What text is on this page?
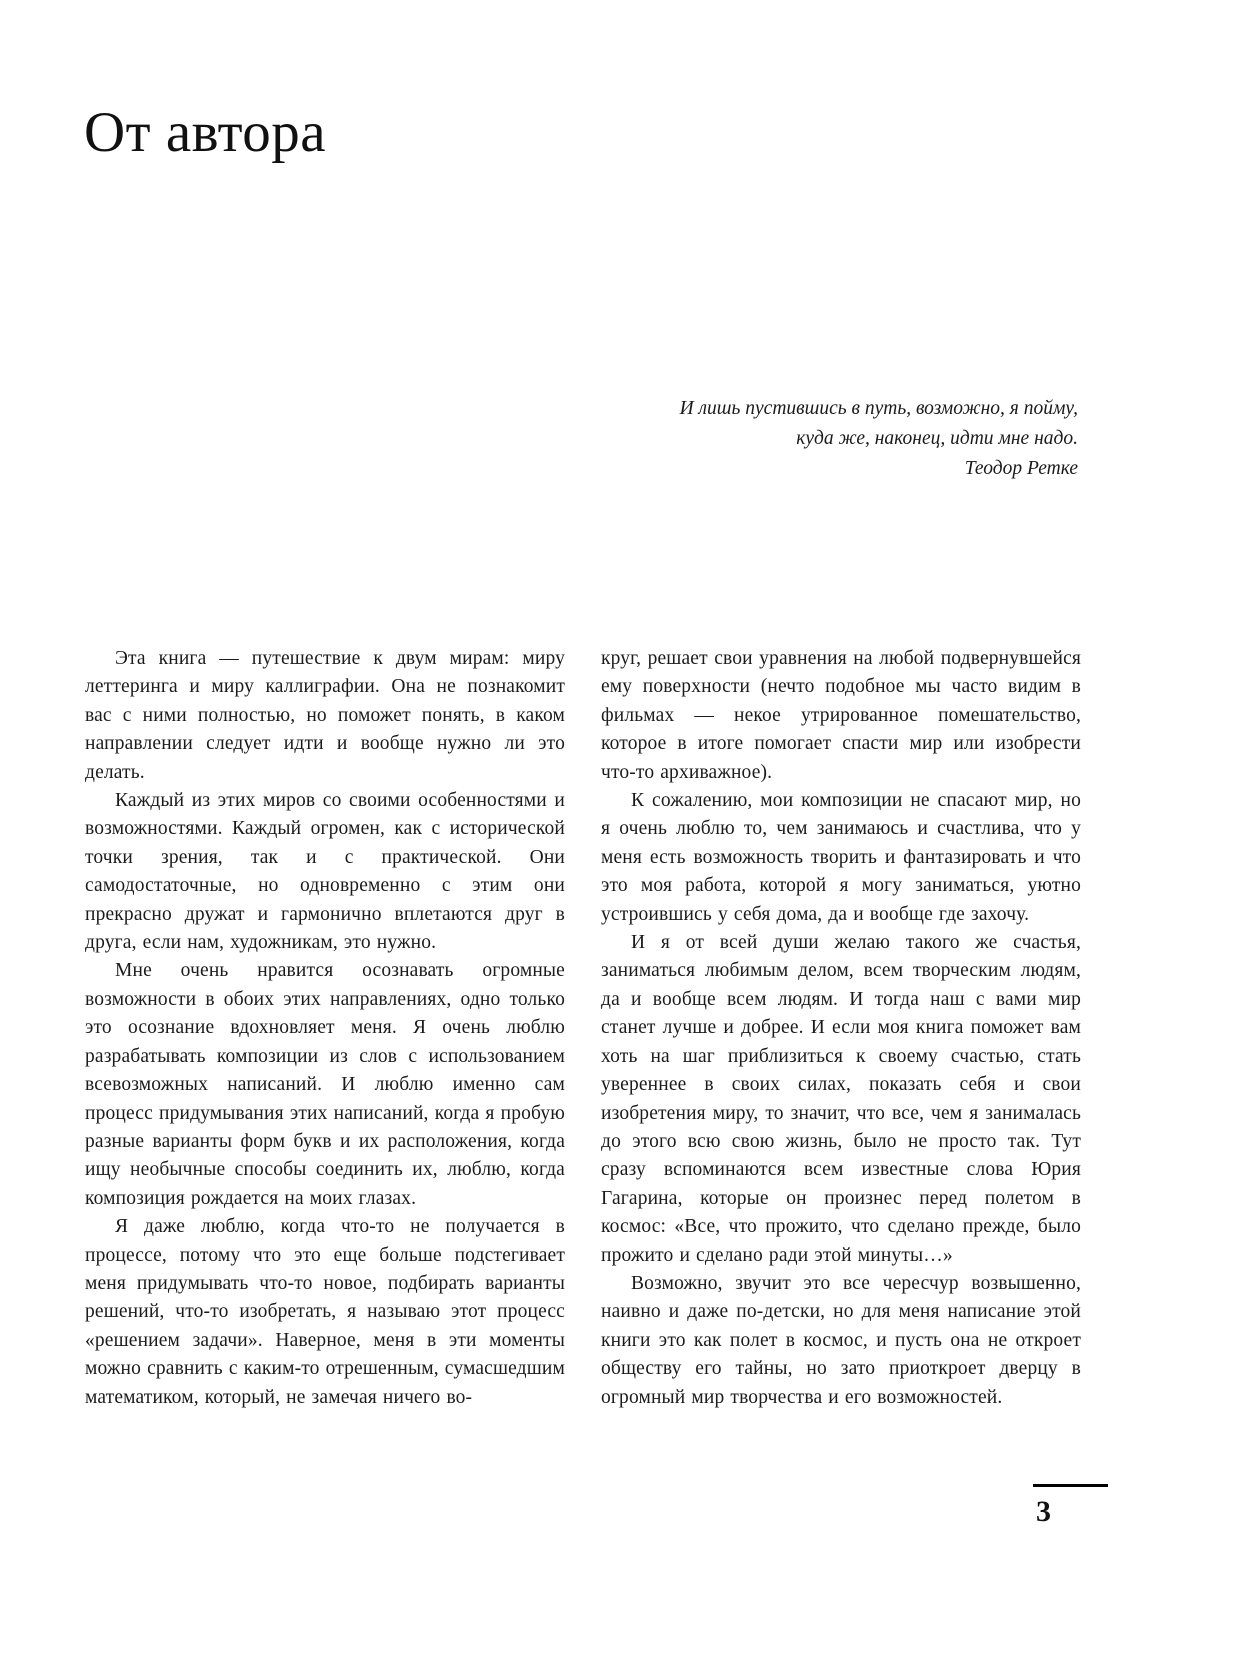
От автора
И лишь пустившись в путь, возможно, я пойму,
куда же, наконец, идти мне надо.
Теодор Ретке

Эта книга — путешествие к двум мирам: миру леттеринга и миру каллиграфии. Она не познакомит вас с ними полностью, но поможет понять, в каком направлении следует идти и вообще нужно ли это делать.

Каждый из этих миров со своими особенностями и возможностями. Каждый огромен, как с исторической точки зрения, так и с практической. Они самодостаточные, но одновременно с этим они прекрасно дружат и гармонично вплетаются друг в друга, если нам, художникам, это нужно.

Мне очень нравится осознавать огромные возможности в обоих этих направлениях, одно только это осознание вдохновляет меня. Я очень люблю разрабатывать композиции из слов с использованием всевозможных написаний. И люблю именно сам процесс придумывания этих написаний, когда я пробую разные варианты форм букв и их расположения, когда ищу необычные способы соединить их, люблю, когда композиция рождается на моих глазах.

Я даже люблю, когда что-то не получается в процессе, потому что это еще больше подстегивает меня придумывать что-то новое, подбирать варианты решений, что-то изобретать, я называю этот процесс «решением задачи». Наверное, меня в эти моменты можно сравнить с каким-то отрешенным, сумасшедшим математиком, который, не замечая ничего во-

круг, решает свои уравнения на любой подвернувшейся ему поверхности (нечто подобное мы часто видим в фильмах — некое утрированное помешательство, которое в итоге помогает спасти мир или изобрести что-то архиважное).

К сожалению, мои композиции не спасают мир, но я очень люблю то, чем занимаюсь и счастлива, что у меня есть возможность творить и фантазировать и что это моя работа, которой я могу заниматься, уютно устроившись у себя дома, да и вообще где захочу.

И я от всей души желаю такого же счастья, заниматься любимым делом, всем творческим людям, да и вообще всем людям. И тогда наш с вами мир станет лучше и добрее. И если моя книга поможет вам хоть на шаг приблизиться к своему счастью, стать увереннее в своих силах, показать себя и свои изобретения миру, то значит, что все, чем я занималась до этого всю свою жизнь, было не просто так. Тут сразу вспоминаются всем известные слова Юрия Гагарина, которые он произнес перед полетом в космос: «Все, что прожито, что сделано прежде, было прожито и сделано ради этой минуты…»

Возможно, звучит это все чересчур возвышенно, наивно и даже по-детски, но для меня написание этой книги это как полет в космос, и пусть она не откроет обществу его тайны, но зато приоткроет дверцу в огромный мир творчества и его возможностей.

3
